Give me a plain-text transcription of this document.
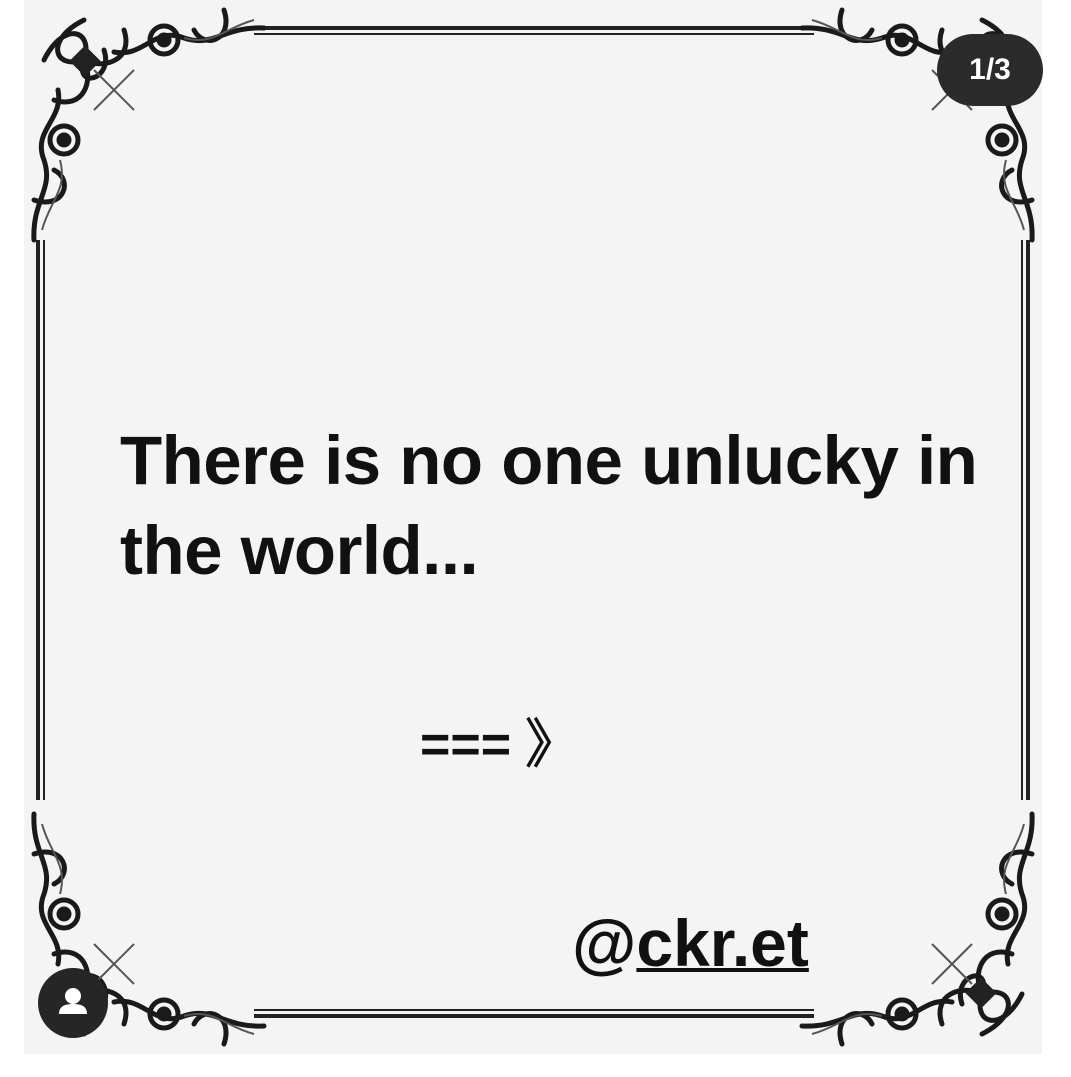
There is no one unlucky in the world...
=== 》
@ckr.et
1/3
